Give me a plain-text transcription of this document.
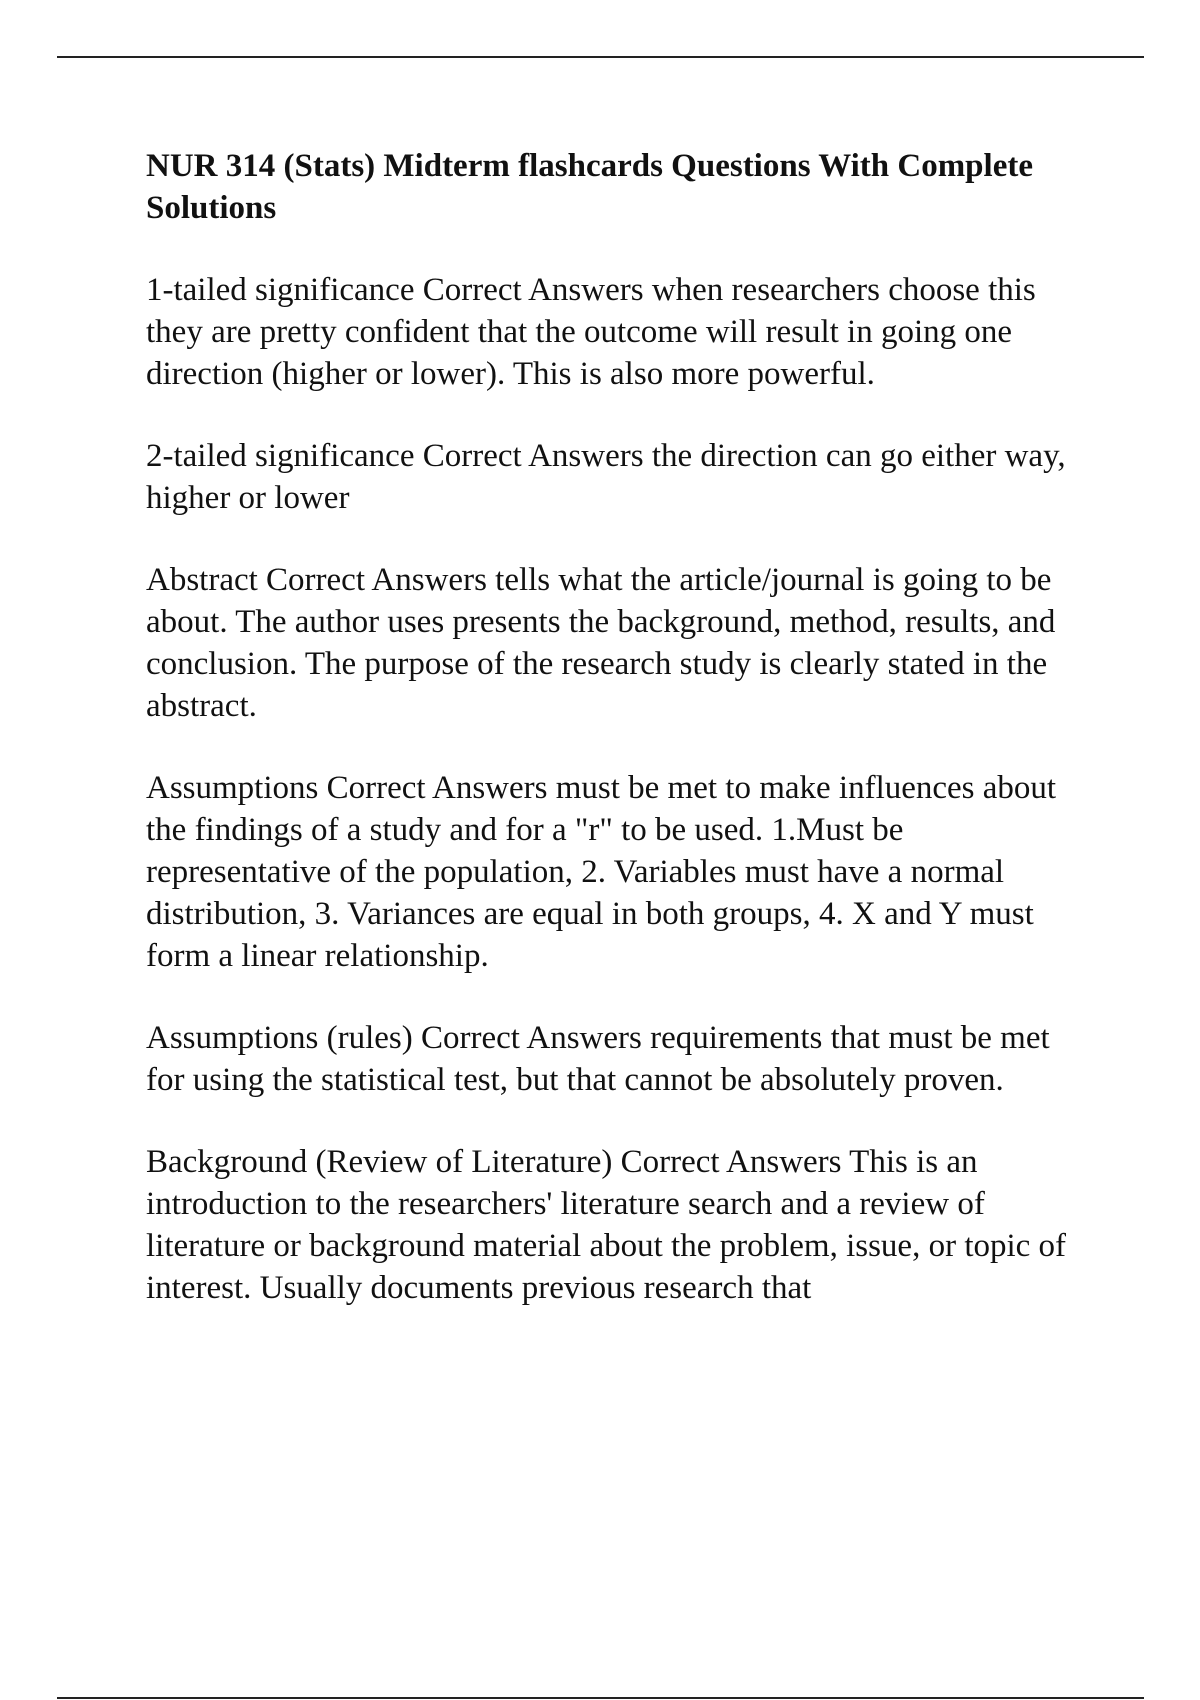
NUR 314 (Stats) Midterm flashcards Questions With Complete Solutions
1-tailed significance Correct Answers when researchers choose this they are pretty confident that the outcome will result in going one direction (higher or lower). This is also more powerful.
2-tailed significance Correct Answers the direction can go either way, higher or lower
Abstract Correct Answers tells what the article/journal is going to be about. The author uses presents the background, method, results, and conclusion. The purpose of the research study is clearly stated in the abstract.
Assumptions Correct Answers must be met to make influences about the findings of a study and for a "r" to be used. 1.Must be representative of the population, 2. Variables must have a normal distribution, 3. Variances are equal in both groups, 4. X and Y must form a linear relationship.
Assumptions (rules) Correct Answers requirements that must be met for using the statistical test, but that cannot be absolutely proven.
Background (Review of Literature) Correct Answers This is an introduction to the researchers' literature search and a review of literature or background material about the problem, issue, or topic of interest. Usually documents previous research that
